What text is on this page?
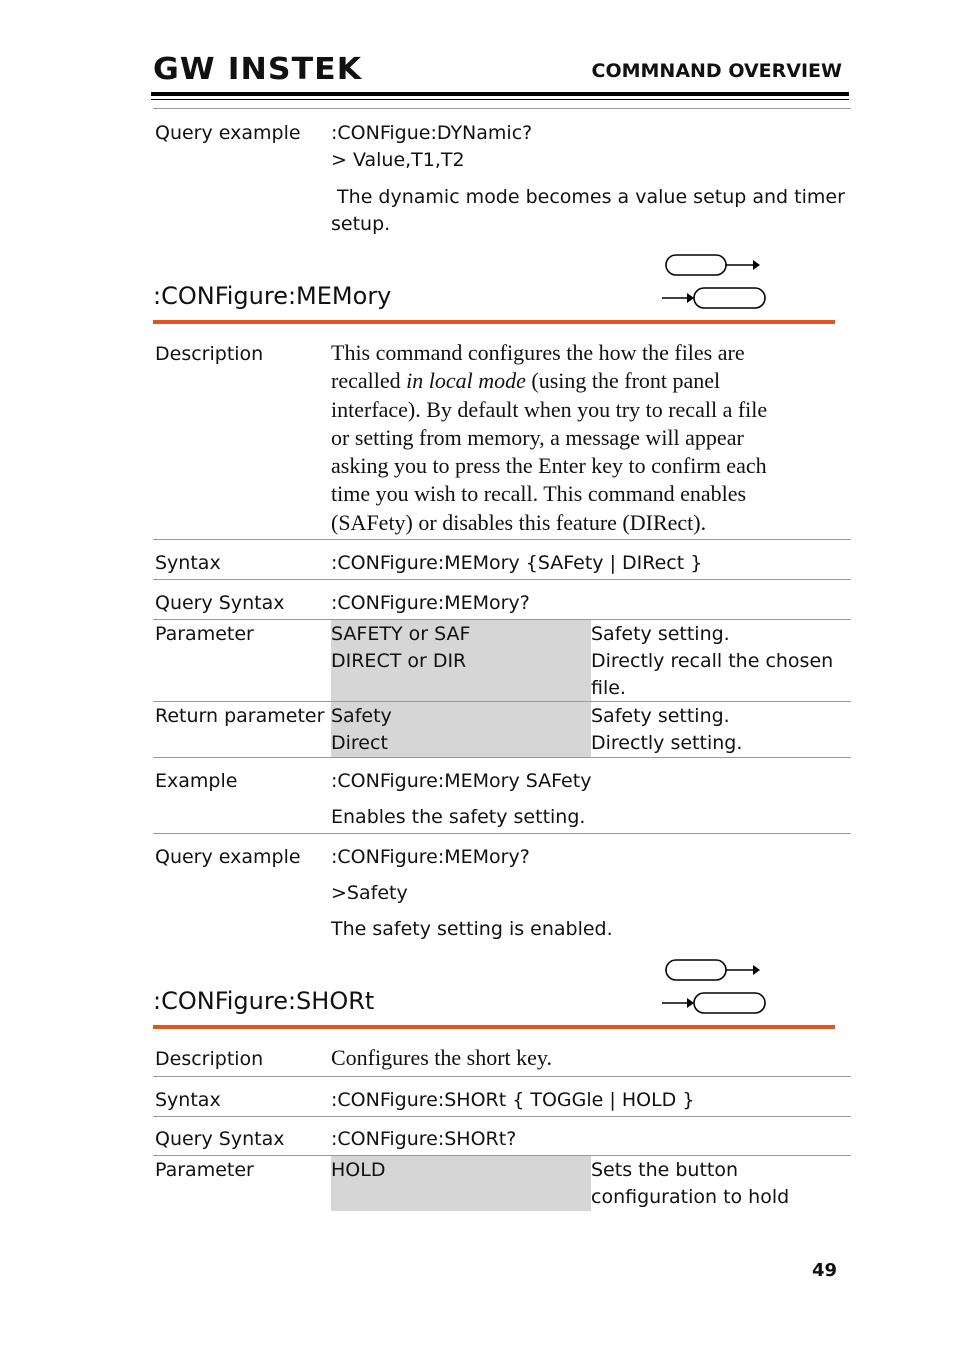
GW INSTEK	COMMNAND OVERVIEW
Query example :CONFigue:DYNamic?
> Value,T1,T2
The dynamic mode becomes a value setup and timer
setup.
:CONFigure:MEMory
Description	This command configures the how the files are
recalled in local mode (using the front panel
interface). By default when you try to recall a file
or setting from memory, a message will appear
asking you to press the Enter key to confirm each
time you wish to recall. This command enables
(SAFety) or disables this feature (DIRect).
Syntax	:CONFigure:MEMory {SAFety | DIRect }
Query Syntax :CONFigure:MEMory?
Parameter	SAFETY or SAF	Safety setting.
DIRECT or DIR	Directly recall the chosen
file.
Return parameter Safety	Safety setting.
Direct	Directly setting.
Example	:CONFigure:MEMory SAFety
Enables the safety setting.
Query example :CONFigure:MEMory?
>Safety
The safety setting is enabled.
:CONFigure:SHORt
Description	Configures the short key.
Syntax	:CONFigure:SHORt { TOGGle | HOLD }
Query Syntax :CONFigure:SHORt?
Parameter	HOLD	Sets the button
configuration to hold
49
